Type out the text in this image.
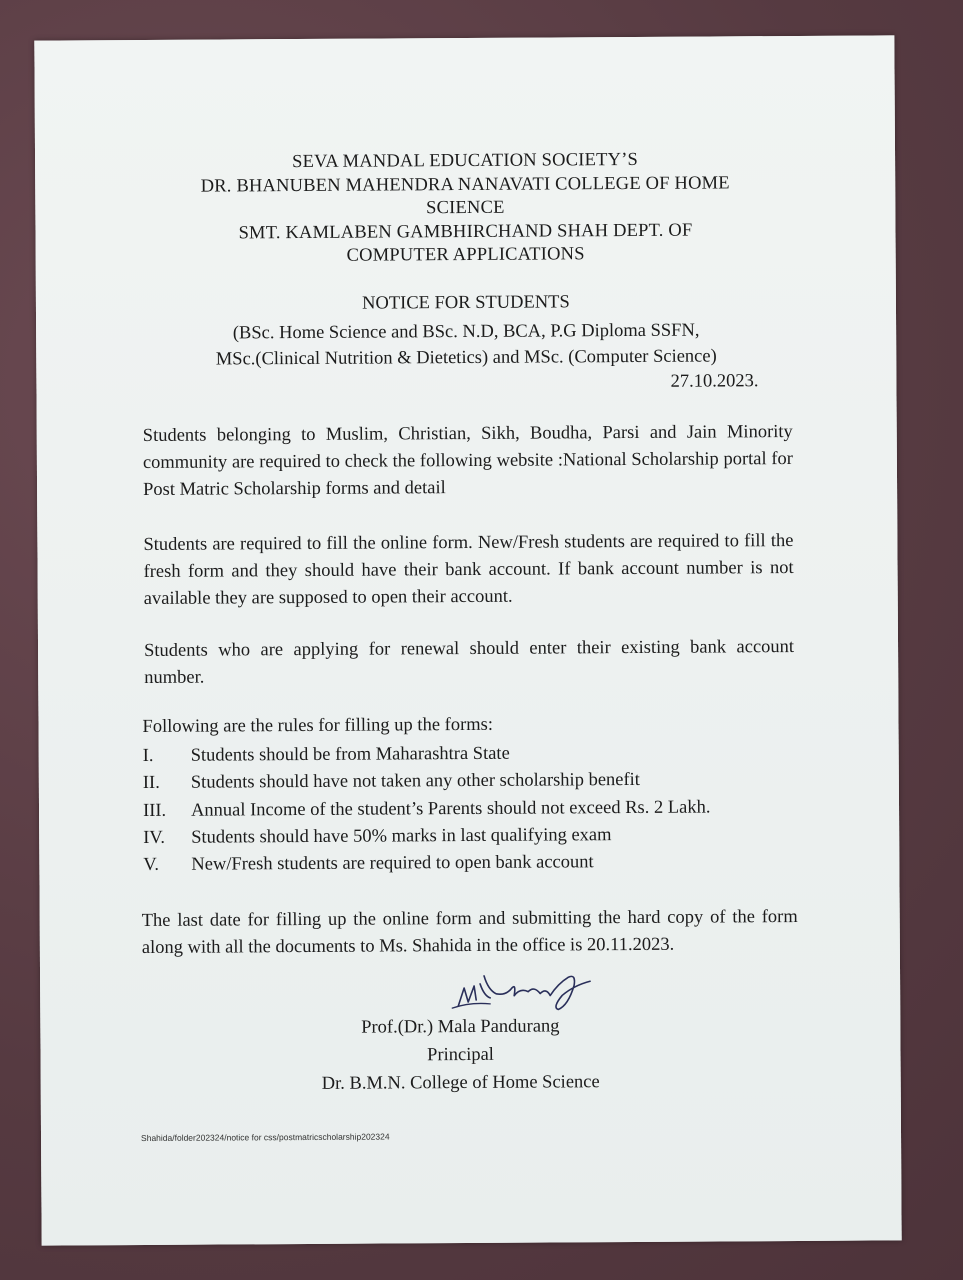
SEVA MANDAL EDUCATION SOCIETY’S
DR. BHANUBEN MAHENDRA NANAVATI COLLEGE OF HOME
SCIENCE
SMT. KAMLABEN GAMBHIRCHAND SHAH DEPT. OF
COMPUTER APPLICATIONS
NOTICE FOR STUDENTS
(BSc. Home Science and BSc. N.D, BCA, P.G Diploma SSFN,
MSc.(Clinical Nutrition & Dietetics) and MSc. (Computer Science)
27.10.2023.
Students belonging to Muslim, Christian, Sikh, Boudha, Parsi and Jain Minority community are required to check the following website :National Scholarship portal for Post Matric Scholarship forms and detail
Students are required to fill the online form. New/Fresh students are required to fill the fresh form and they should have their bank account. If bank account number is not available they are supposed to open their account.
Students who are applying for renewal should enter their existing bank account number.
Following are the rules for filling up the forms:
I.	Students should be from Maharashtra State
II.	Students should have not taken any other scholarship benefit
III.	Annual Income of the student’s Parents should not exceed Rs. 2 Lakh.
IV.	Students should have 50% marks in last qualifying exam
V.	New/Fresh students are required to open bank account
The last date for filling up the online form and submitting the hard copy of the form along with all the documents to Ms. Shahida in the office is 20.11.2023.
Prof.(Dr.) Mala Pandurang
Principal
Dr. B.M.N. College of Home Science
Shahida/folder202324/notice for css/postmatricscholarship202324
